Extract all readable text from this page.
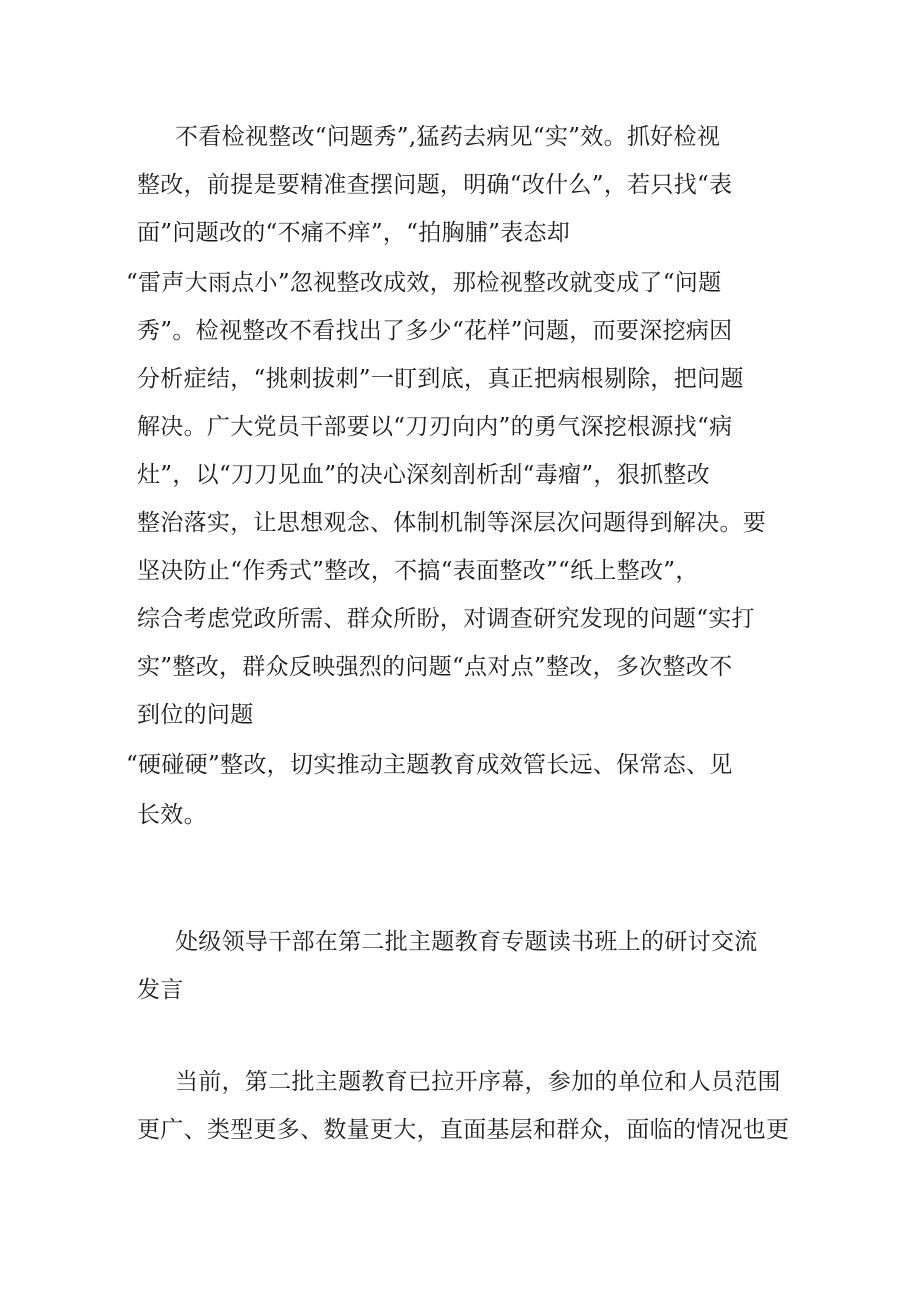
不看检视整改“问题秀”,猛药去病见“实”效。抓好检视

整改，前提是要精准查摆问题，明确“改什么”，若只找“表

面”问题改的“不痛不痒”，“拍胸脯”表态却

“雷声大雨点小”忽视整改成效，那检视整改就变成了“问题

秀”。检视整改不看找出了多少“花样”问题，而要深挖病因

分析症结，“挑刺拔刺”一盯到底，真正把病根剔除，把问题

解决。广大党员干部要以“刀刃向内”的勇气深挖根源找“病

灶”，以“刀刀见血”的决心深刻剖析刮“毒瘤”，狠抓整改

整治落实，让思想观念、体制机制等深层次问题得到解决。要

坚决防止“作秀式”整改，不搞“表面整改”“纸上整改”，

综合考虑党政所需、群众所盼，对调查研究发现的问题“实打

实”整改，群众反映强烈的问题“点对点”整改，多次整改不

到位的问题

“硬碰硬”整改，切实推动主题教育成效管长远、保常态、见

长效。

处级领导干部在第二批主题教育专题读书班上的研讨交流

发言

当前，第二批主题教育已拉开序幕，参加的单位和人员范围

更广、类型更多、数量更大，直面基层和群众，面临的情况也更
